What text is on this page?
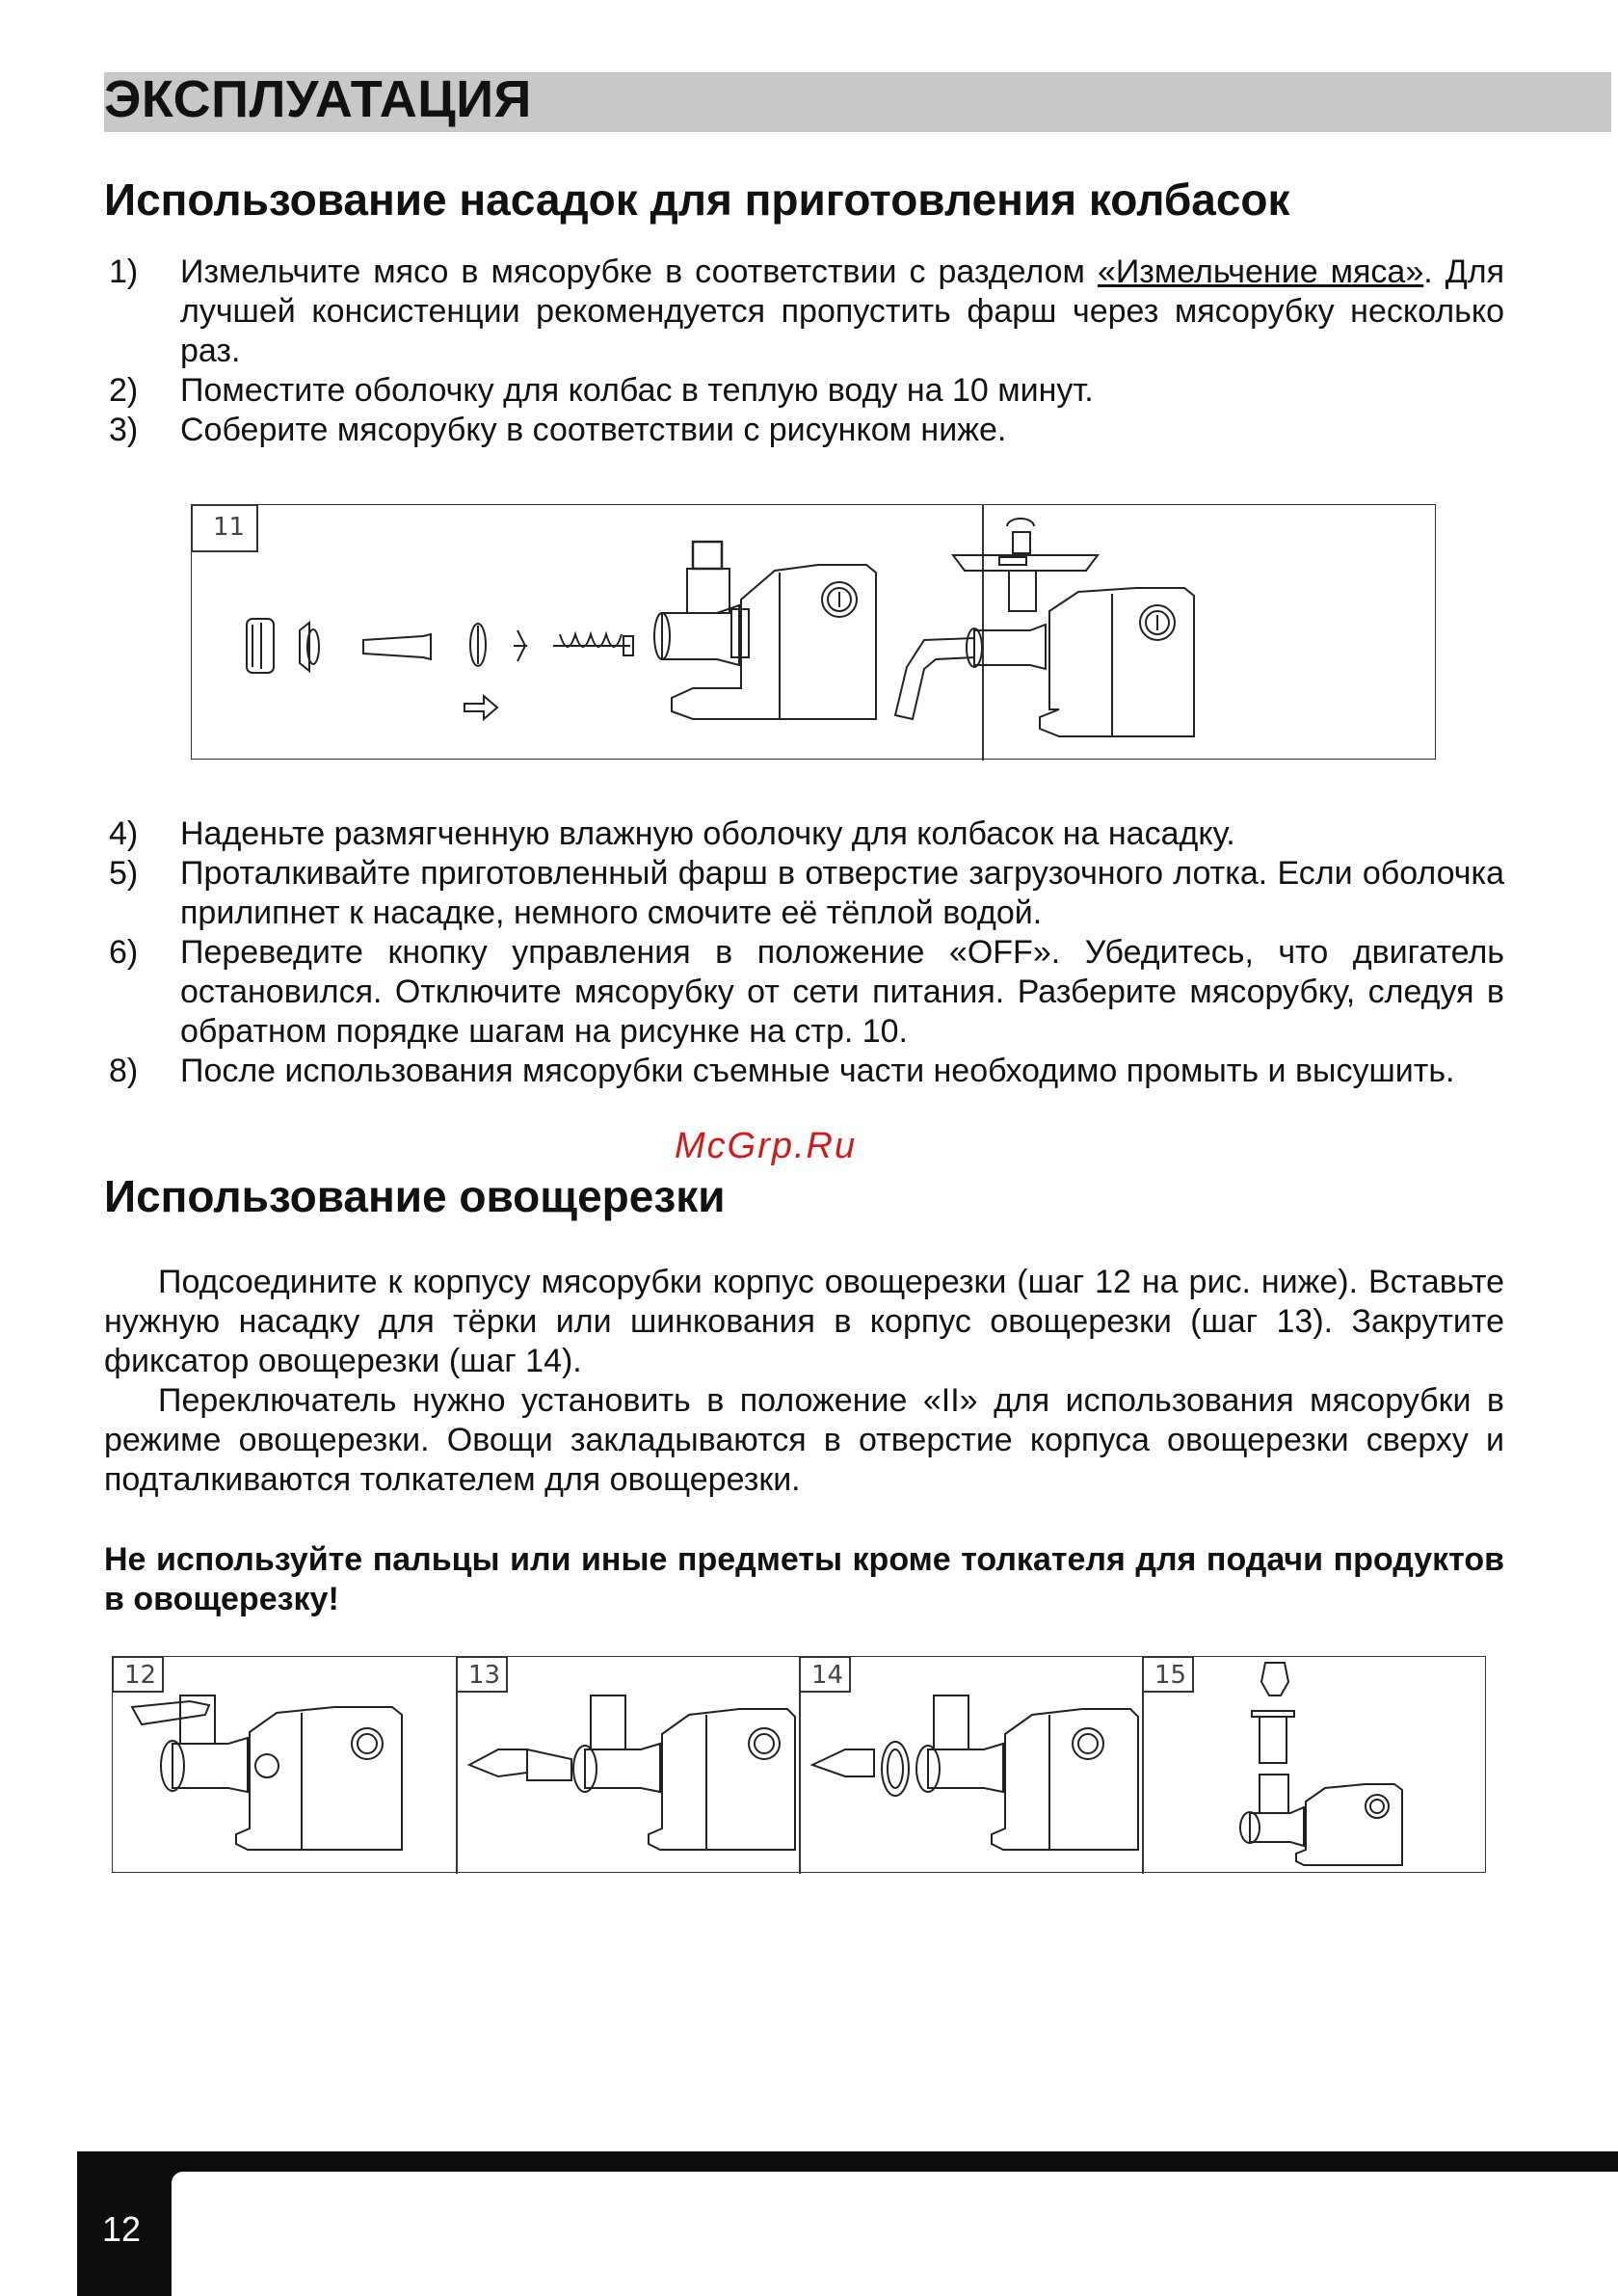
ЭКСПЛУАТАЦИЯ
Использование насадок для приготовления колбасок
1) Измельчите мясо в мясорубке в соответствии с разделом «Измельчение мяса». Для лучшей консистенции рекомендуется пропустить фарш через мясорубку несколько раз.
2) Поместите оболочку для колбас в теплую воду на 10 минут.
3) Соберите мясорубку в соответствии с рисунком ниже.
11
4) Наденьте размягченную влажную оболочку для колбасок на насадку.
5) Проталкивайте приготовленный фарш в отверстие загрузочного лотка. Если оболочка прилипнет к насадке, немного смочите её тёплой водой.
6) Переведите кнопку управления в положение «OFF». Убедитесь, что двигатель остановился. Отключите мясорубку от сети питания. Разберите мясорубку, следуя в обратном порядке шагам на рисунке на стр. 10.
8) После использования мясорубки съемные части необходимо промыть и высушить.
McGrp.Ru
Использование овощерезки
Подсоедините к корпусу мясорубки корпус овощерезки (шаг 12 на рис. ниже). Вставьте нужную насадку для тёрки или шинкования в корпус овощерезки (шаг 13). Закрутите фиксатор овощерезки (шаг 14).
Переключатель нужно установить в положение «II» для использования мясорубки в режиме овощерезки. Овощи закладываются в отверстие корпуса овощерезки сверху и подталкиваются толкателем для овощерезки.
Не используйте пальцы или иные предметы кроме толкателя для подачи продуктов в овощерезку!
12	13	14	15
12
